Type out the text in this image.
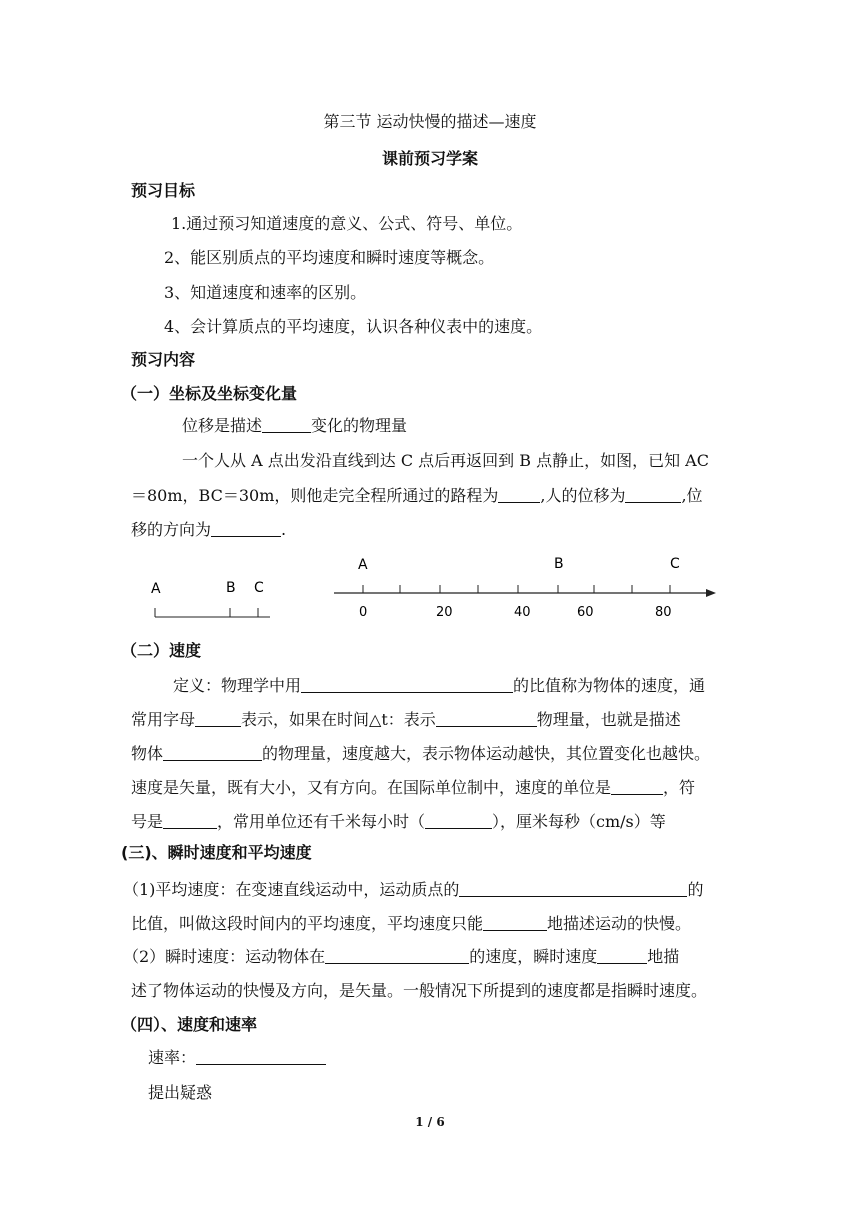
第三节 运动快慢的描述—速度
课前预习学案
预习目标
1.通过预习知道速度的意义、公式、符号、单位。
2、能区别质点的平均速度和瞬时速度等概念。
3、知道速度和速率的区别。
4、会计算质点的平均速度，认识各种仪表中的速度。
预习内容
（一）坐标及坐标变化量
位移是描述	变化的物理量
一个人从 A 点出发沿直线到达 C 点后再返回到 B 点静止，如图，已知 AC
＝80m，BC＝30m，则他走完全程所通过的路程为	,人的位移为	,位
移的方向为	.
A	B C
A	B	C
0	20	40	60	80
（二）速度
定义：物理学中用	的比值称为物体的速度，通
常用字母	表示，如果在时间△t：表示	物理量，也就是描述
物体	的物理量，速度越大，表示物体运动越快，其位置变化也越快。
速度是矢量，既有大小，又有方向。在国际单位制中，速度的单位是	，符
号是	，常用单位还有千米每小时（	），厘米每秒（cm/s）等
(三)、瞬时速度和平均速度
（1)平均速度：在变速直线运动中，运动质点的	的
比值，叫做这段时间内的平均速度，平均速度只能	地描述运动的快慢。
（2）瞬时速度：运动物体在	的速度，瞬时速度	地描
述了物体运动的快慢及方向，是矢量。一般情况下所提到的速度都是指瞬时速度。
（四）、速度和速率
速率：
提出疑惑
1 / 6
